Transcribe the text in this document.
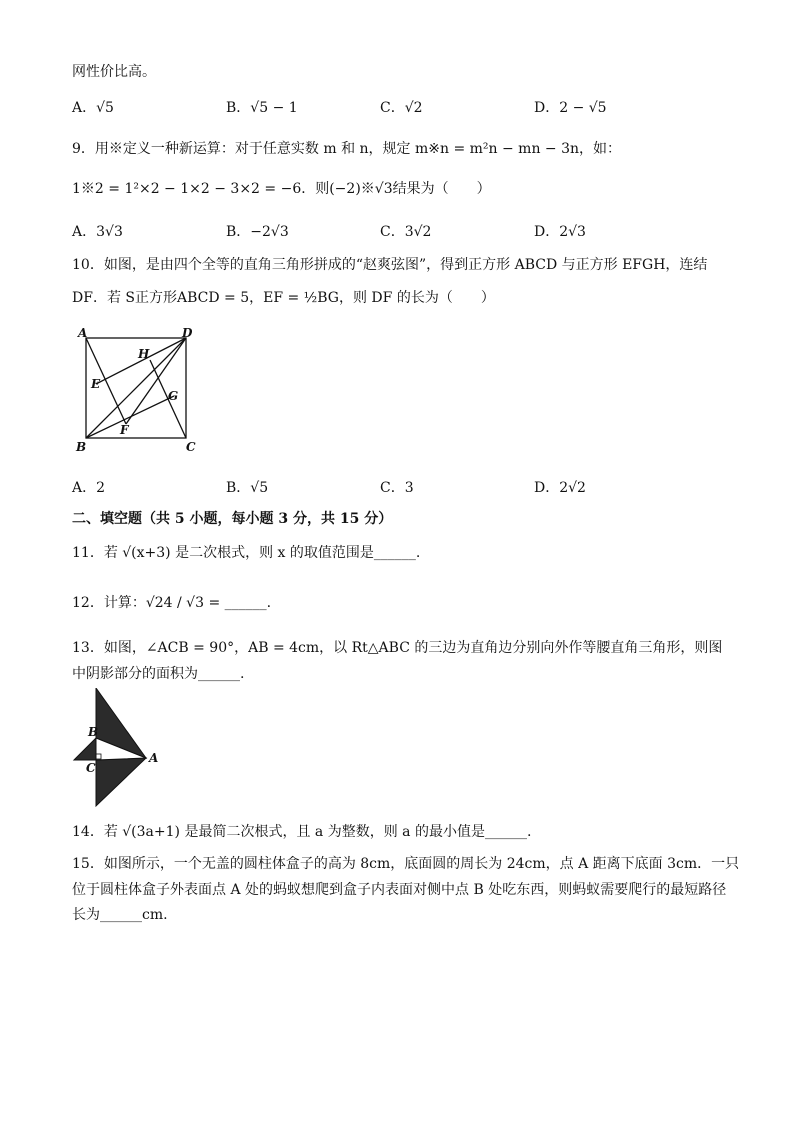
网性价比高。
A．√5	B．√5 − 1	C．√2	D．2 − √5
9．用※定义一种新运算：对于任意实数 m 和 n，规定 m※n = m²n − mn − 3n，如：
1※2 = 1²×2 − 1×2 − 3×2 = −6．则(−2)※√3结果为（　　）
A．3√3	B．−2√3	C．3√2	D．2√3
10．如图，是由四个全等的直角三角形拼成的“赵爽弦图”，得到正方形 ABCD 与正方形 EFGH，连结
DF．若 S正方形ABCD = 5，EF = ½BG，则 DF 的长为（　　）
A	D
H
E
G
F
B	C
A．2	B．√5	C．3	D．2√2
二、填空题（共 5 小题，每小题 3 分，共 15 分）
11．若 √(x+3) 是二次根式，则 x 的取值范围是______.
12．计算：√24 / √3 = ______.
13．如图，∠ACB = 90°，AB = 4cm，以 Rt△ABC 的三边为直角边分别向外作等腰直角三角形，则图
中阴影部分的面积为______.
B
C
A
14．若 √(3a+1) 是最简二次根式，且 a 为整数，则 a 的最小值是______.
15．如图所示，一个无盖的圆柱体盒子的高为 8cm，底面圆的周长为 24cm，点 A 距离下底面 3cm．一只
位于圆柱体盒子外表面点 A 处的蚂蚁想爬到盒子内表面对侧中点 B 处吃东西，则蚂蚁需要爬行的最短路径
长为______cm.
